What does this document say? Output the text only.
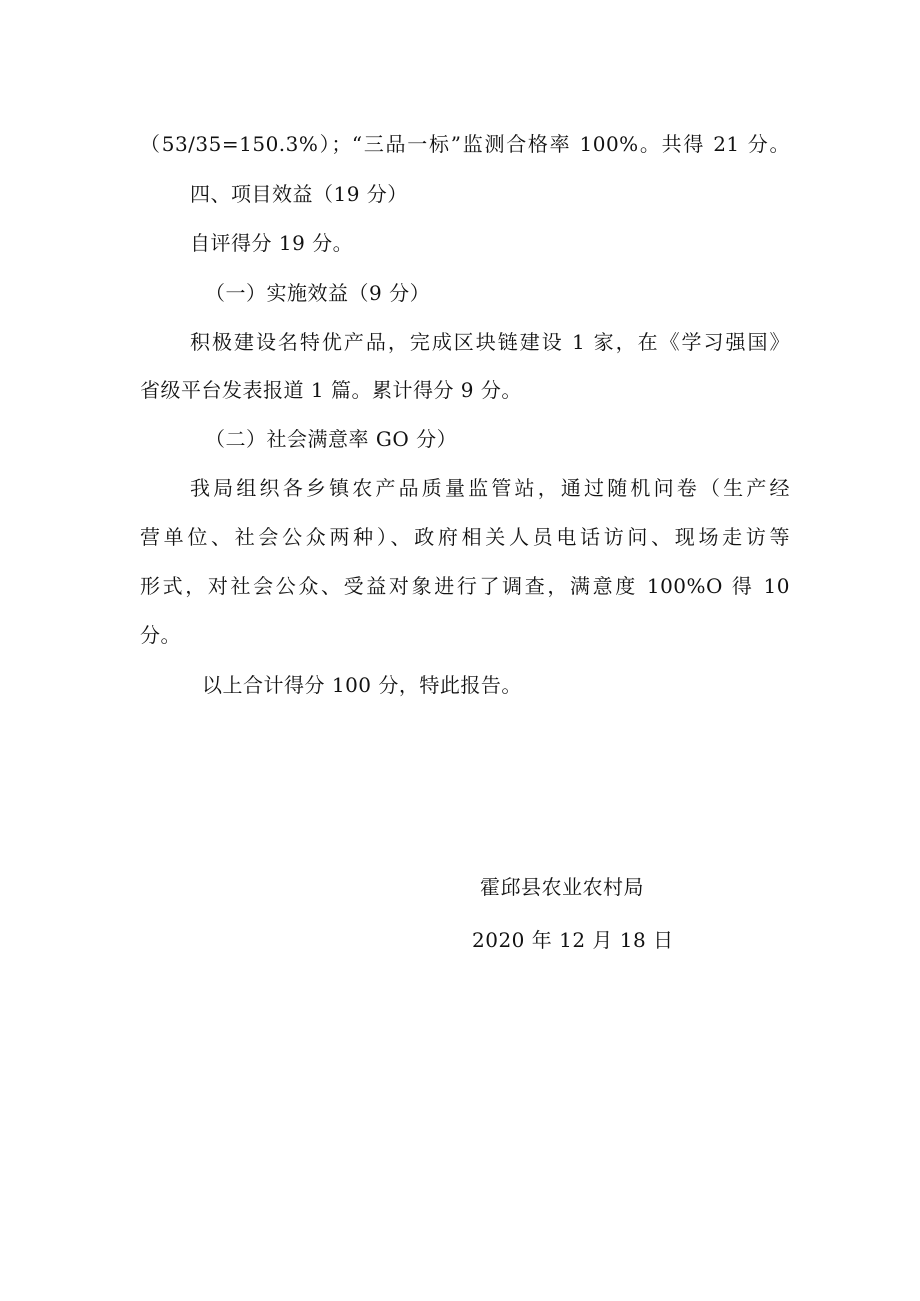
（53/35=150.3%）；“三品一标”监测合格率 100%。共得 21 分。
四、项目效益（19 分）
自评得分 19 分。
（一）实施效益（9 分）
积极建设名特优产品，完成区块链建设 1 家，在《学习强国》
省级平台发表报道 1 篇。累计得分 9 分。
（二）社会满意率 GO 分）
我局组织各乡镇农产品质量监管站，通过随机问卷（生产经
营单位、社会公众两种）、政府相关人员电话访问、现场走访等
形式，对社会公众、受益对象进行了调查，满意度 100%O 得 10
分。
以上合计得分 100 分，特此报告。
霍邱县农业农村局
2020 年 12 月 18 日
